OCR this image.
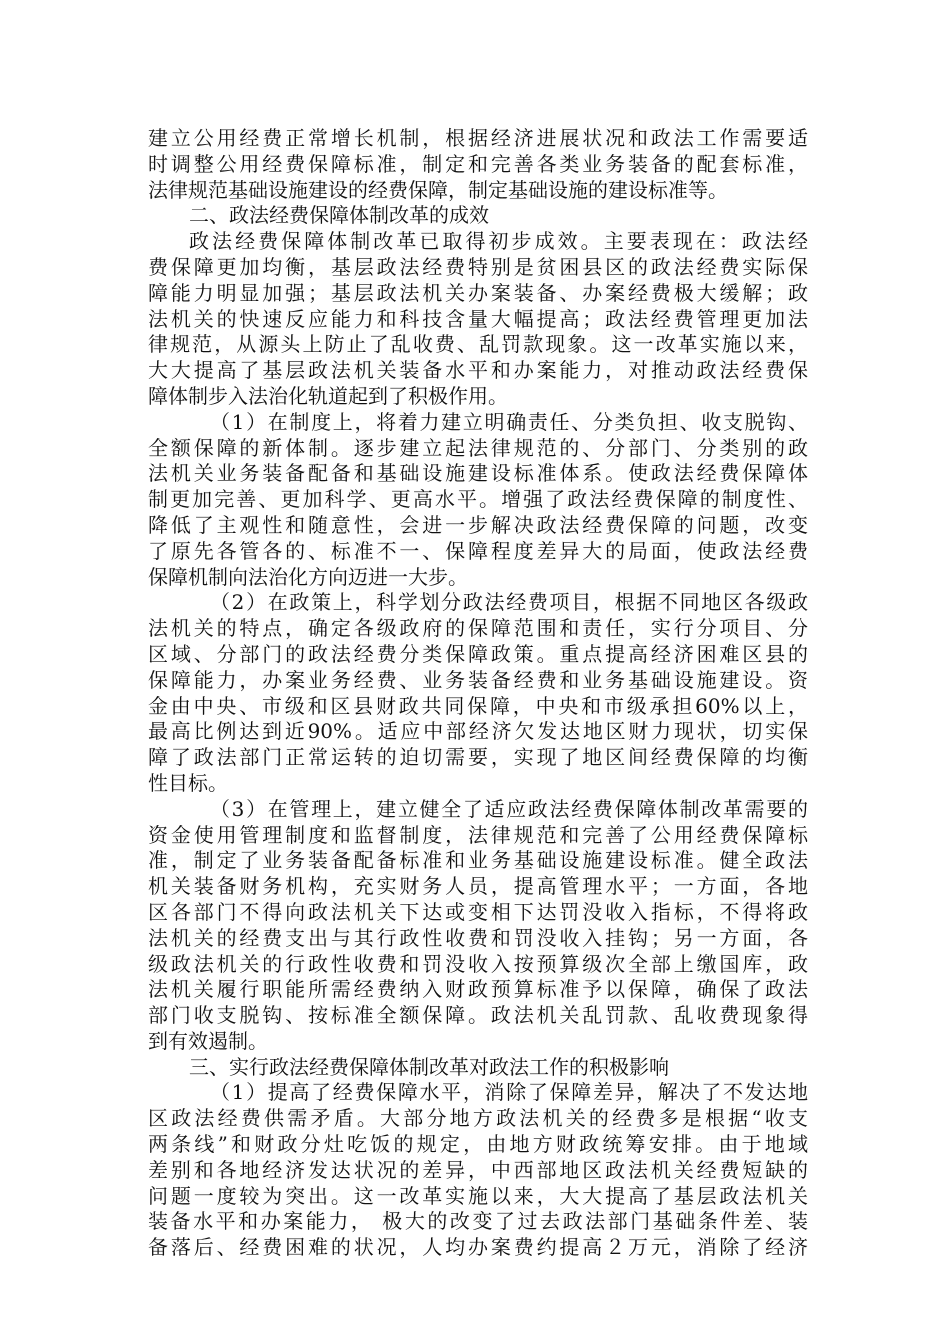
建立公用经费正常增长机制，根据经济进展状况和政法工作需要适
时调整公用经费保障标准，制定和完善各类业务装备的配套标准，
法律规范基础设施建设的经费保障，制定基础设施的建设标准等。
二、政法经费保障体制改革的成效
政法经费保障体制改革已取得初步成效。主要表现在：政法经
费保障更加均衡，基层政法经费特别是贫困县区的政法经费实际保
障能力明显加强；基层政法机关办案装备、办案经费极大缓解；政
法机关的快速反应能力和科技含量大幅提高；政法经费管理更加法
律规范，从源头上防止了乱收费、乱罚款现象。这一改革实施以来，
大大提高了基层政法机关装备水平和办案能力，对推动政法经费保
障体制步入法治化轨道起到了积极作用。
（1）在制度上，将着力建立明确责任、分类负担、收支脱钩、
全额保障的新体制。逐步建立起法律规范的、分部门、分类别的政
法机关业务装备配备和基础设施建设标准体系。使政法经费保障体
制更加完善、更加科学、更高水平。增强了政法经费保障的制度性、
降低了主观性和随意性，会进一步解决政法经费保障的问题，改变
了原先各管各的、标准不一、保障程度差异大的局面，使政法经费
保障机制向法治化方向迈进一大步。
（2）在政策上，科学划分政法经费项目，根据不同地区各级政
法机关的特点，确定各级政府的保障范围和责任，实行分项目、分
区域、分部门的政法经费分类保障政策。重点提高经济困难区县的
保障能力，办案业务经费、业务装备经费和业务基础设施建设。资
金由中央、市级和区县财政共同保障，中央和市级承担60%以上，
最高比例达到近90%。适应中部经济欠发达地区财力现状，切实保
障了政法部门正常运转的迫切需要，实现了地区间经费保障的均衡
性目标。
（3）在管理上，建立健全了适应政法经费保障体制改革需要的
资金使用管理制度和监督制度，法律规范和完善了公用经费保障标
准，制定了业务装备配备标准和业务基础设施建设标准。健全政法
机关装备财务机构，充实财务人员，提高管理水平；一方面，各地
区各部门不得向政法机关下达或变相下达罚没收入指标，不得将政
法机关的经费支出与其行政性收费和罚没收入挂钩；另一方面，各
级政法机关的行政性收费和罚没收入按预算级次全部上缴国库，政
法机关履行职能所需经费纳入财政预算标准予以保障，确保了政法
部门收支脱钩、按标准全额保障。政法机关乱罚款、乱收费现象得
到有效遏制。
三、实行政法经费保障体制改革对政法工作的积极影响
（1）提高了经费保障水平，消除了保障差异，解决了不发达地
区政法经费供需矛盾。大部分地方政法机关的经费多是根据“收支
两条线”和财政分灶吃饭的规定，由地方财政统筹安排。由于地域
差别和各地经济发达状况的差异，中西部地区政法机关经费短缺的
问题一度较为突出。这一改革实施以来，大大提高了基层政法机关
装备水平和办案能力， 极大的改变了过去政法部门基础条件差、装
备落后、经费困难的状况，人均办案费约提高２万元，消除了经济
